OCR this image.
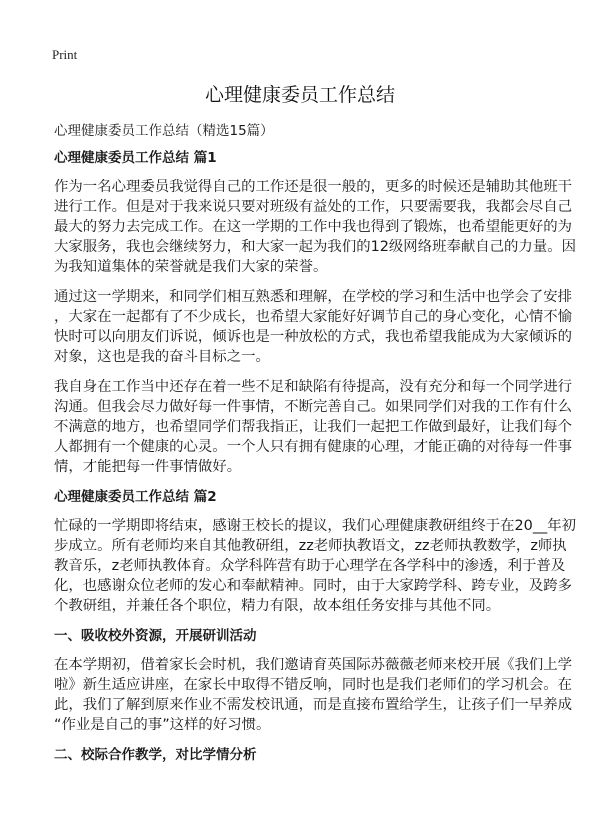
Print
心理健康委员工作总结
心理健康委员工作总结（精选15篇）
心理健康委员工作总结 篇1
作为一名心理委员我觉得自己的工作还是很一般的，更多的时候还是辅助其他班干
进行工作。但是对于我来说只要对班级有益处的工作，只要需要我，我都会尽自己
最大的努力去完成工作。在这一学期的工作中我也得到了锻炼，也希望能更好的为
大家服务，我也会继续努力，和大家一起为我们的12级网络班奉献自己的力量。因
为我知道集体的荣誉就是我们大家的荣誉。
通过这一学期来，和同学们相互熟悉和理解，在学校的学习和生活中也学会了安排
，大家在一起都有了不少成长，也希望大家能好好调节自己的身心变化，心情不愉
快时可以向朋友们诉说，倾诉也是一种放松的方式，我也希望我能成为大家倾诉的
对象，这也是我的奋斗目标之一。
我自身在工作当中还存在着一些不足和缺陷有待提高，没有充分和每一个同学进行
沟通。但我会尽力做好每一件事情，不断完善自己。如果同学们对我的工作有什么
不满意的地方，也希望同学们帮我指正，让我们一起把工作做到最好，让我们每个
人都拥有一个健康的心灵。一个人只有拥有健康的心理，才能正确的对待每一件事
情，才能把每一件事情做好。
心理健康委员工作总结 篇2
忙碌的一学期即将结束，感谢王校长的提议，我们心理健康教研组终于在20__年初
步成立。所有老师均来自其他教研组，zz老师执教语文，zz老师执教数学，z师执
教音乐，z老师执教体育。众学科阵营有助于心理学在各学科中的渗透，利于普及
化，也感谢众位老师的发心和奉献精神。同时，由于大家跨学科、跨专业，及跨多
个教研组，并兼任各个职位，精力有限，故本组任务安排与其他不同。
一、吸收校外资源，开展研训活动
在本学期初，借着家长会时机，我们邀请育英国际苏薇薇老师来校开展《我们上学
啦》新生适应讲座，在家长中取得不错反响，同时也是我们老师们的学习机会。在
此，我们了解到原来作业不需发校讯通，而是直接布置给学生，让孩子们一早养成
“作业是自己的事”这样的好习惯。
二、校际合作教学，对比学情分析
